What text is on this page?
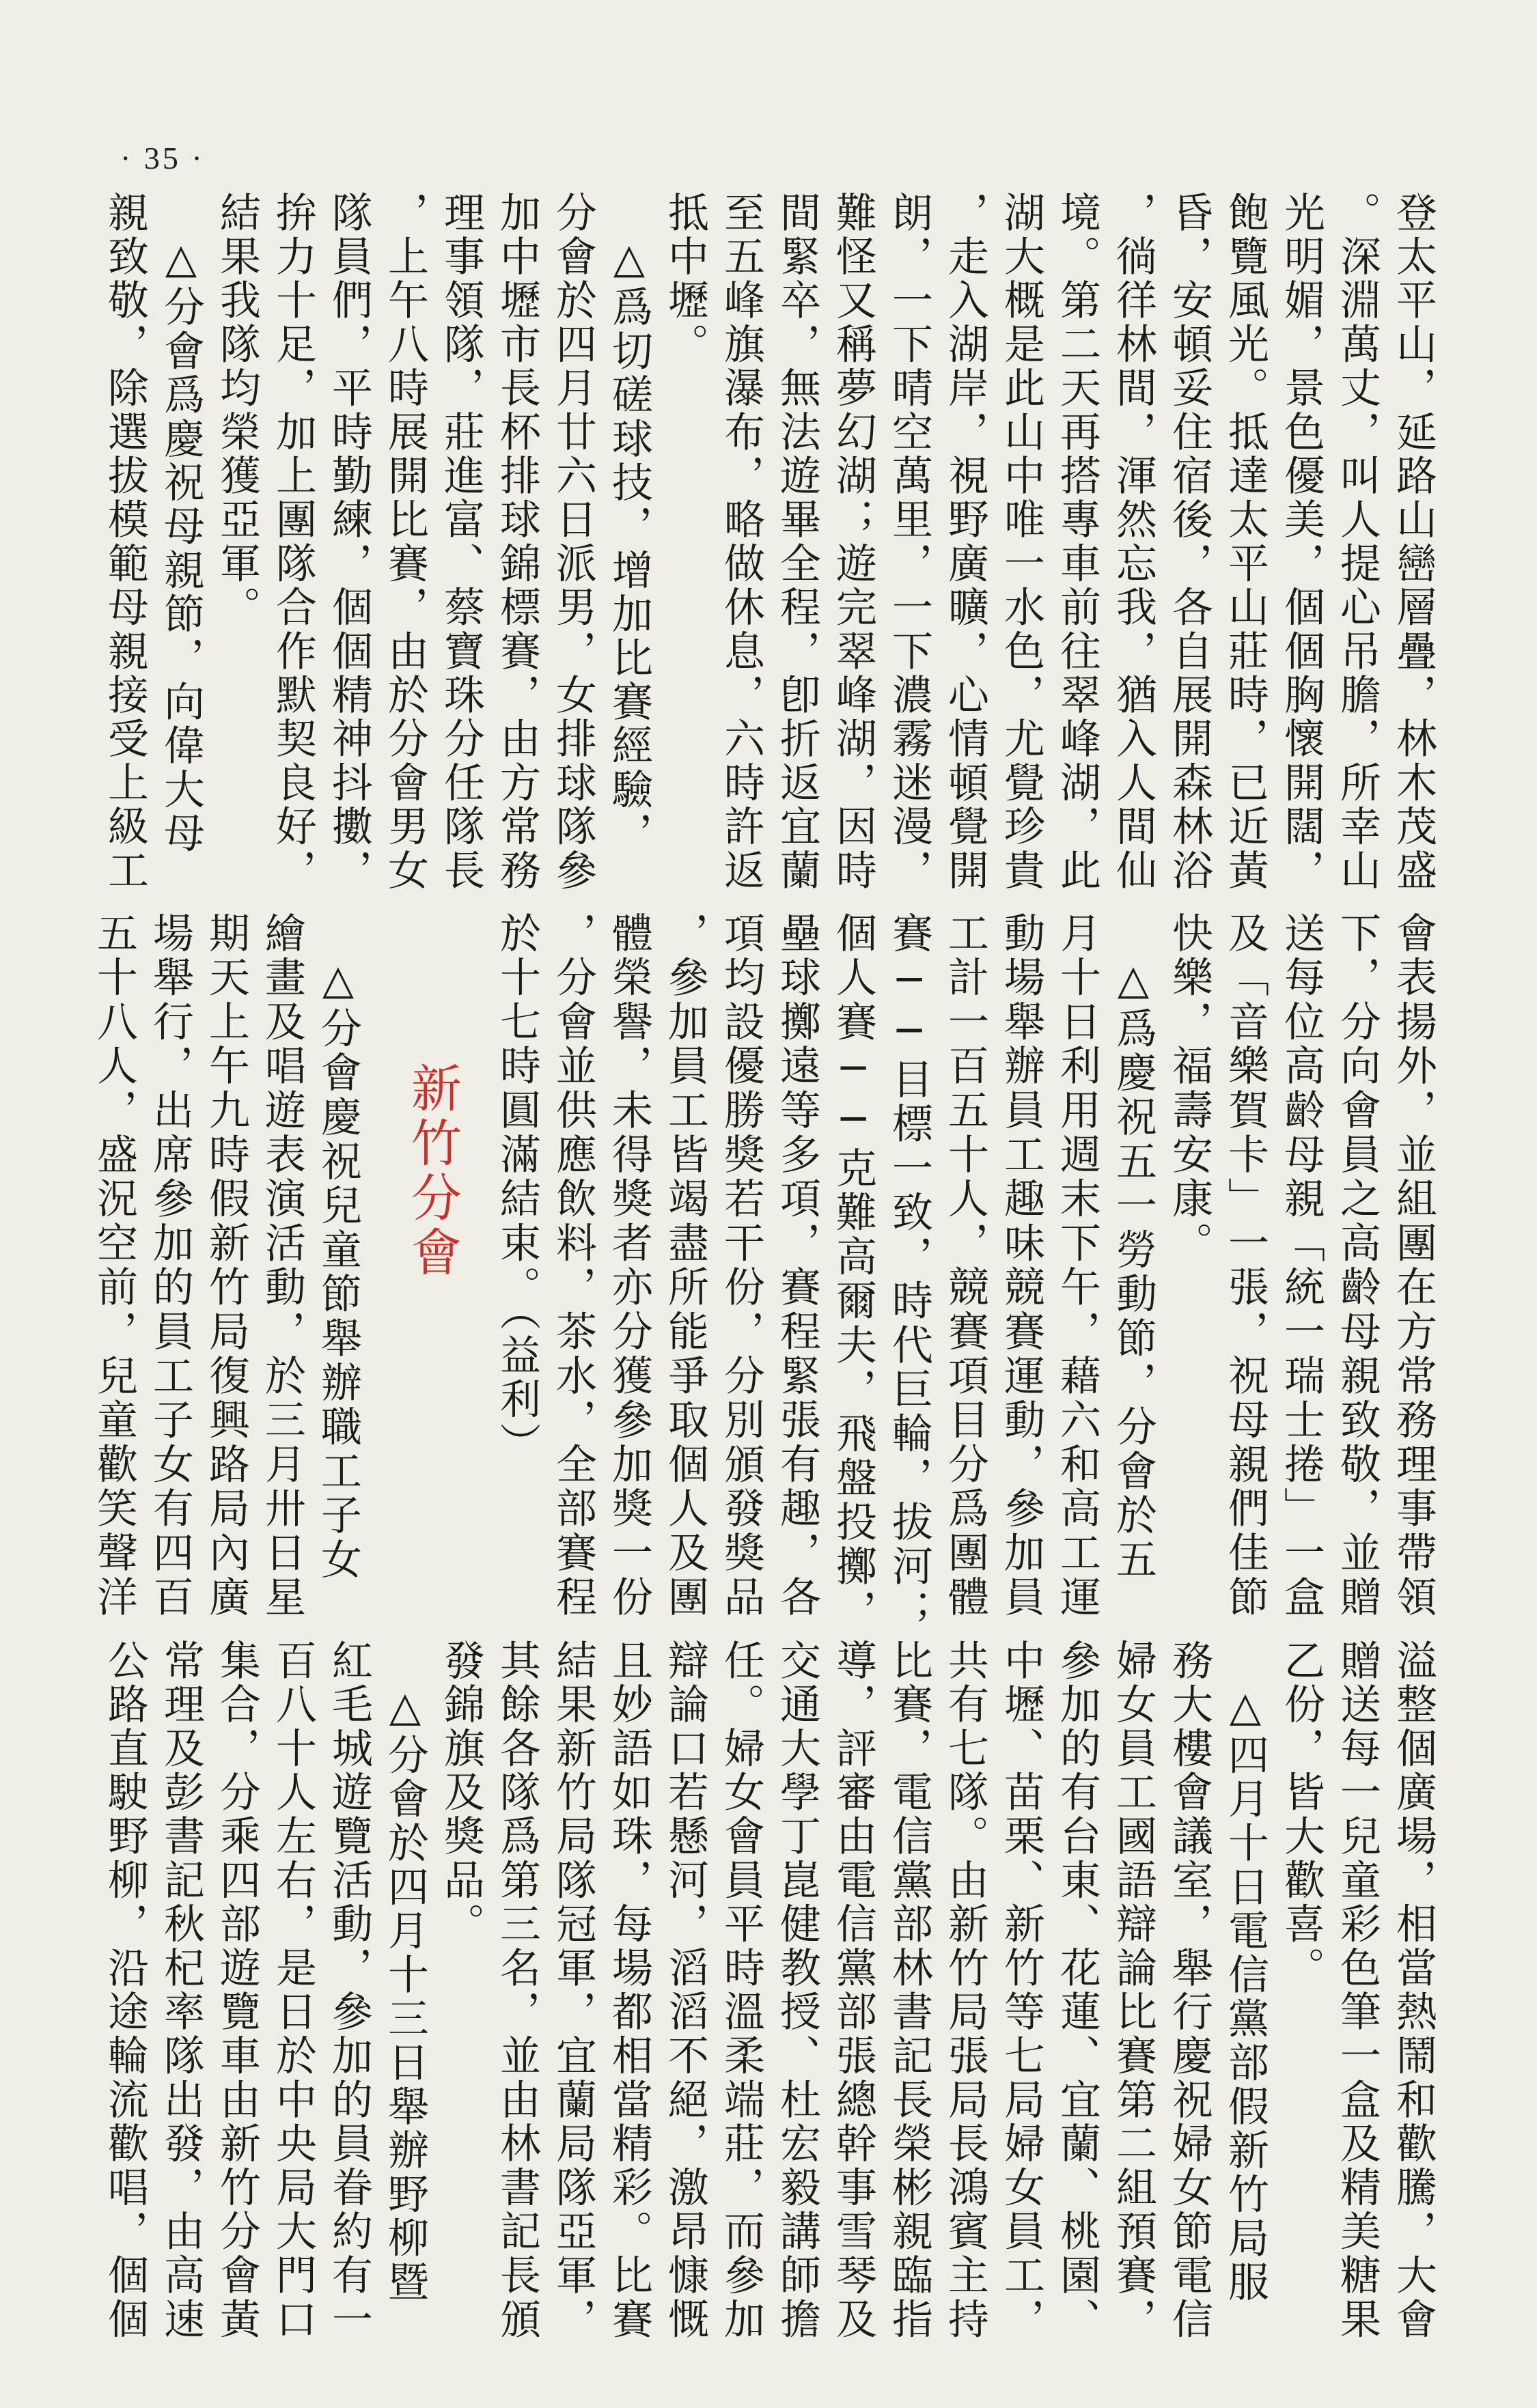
· 35 ·
登太平山，延路山巒層疊，林木茂盛
。深淵萬丈，叫人提心吊膽，所幸山
光明媚，景色優美，個個胸懷開闊，
飽覽風光。抵達太平山莊時，已近黃
昏，安頓妥住宿後，各自展開森林浴
，徜徉林間，渾然忘我，猶入人間仙
境。第二天再搭專車前往翠峰湖，此
湖大概是此山中唯一水色，尤覺珍貴
，走入湖岸，視野廣曠，心情頓覺開
朗，一下晴空萬里，一下濃霧迷漫，
難怪又稱夢幻湖；遊完翠峰湖，因時
間緊卒，無法遊畢全程，卽折返宜蘭
至五峰旗瀑布，略做休息，六時許返
抵中壢。
　△爲切磋球技，增加比賽經驗，
分會於四月廿六日派男，女排球隊參
加中壢市長杯排球錦標賽，由方常務
理事領隊，莊進富、蔡寶珠分任隊長
，上午八時展開比賽，由於分會男女
隊員們，平時勤練，個個精神抖擻，
拚力十足，加上團隊合作默契良好，
結果我隊均榮獲亞軍。
　△分會爲慶祝母親節，向偉大母
親致敬，除選拔模範母親接受上級工
會表揚外，並組團在方常務理事帶領
下，分向會員之高齡母親致敬，並贈
送每位高齡母親「統一瑞士捲」一盒
及「音樂賀卡」一張，祝母親們佳節
快樂，福壽安康。
　△爲慶祝五一勞動節，分會於五
月十日利用週末下午，藉六和高工運
動場舉辦員工趣味競賽運動，參加員
工計一百五十人，競賽項目分爲團體
賽──目標一致，時代巨輪，拔河；
個人賽──克難高爾夫，飛盤投擲，
壘球擲遠等多項，賽程緊張有趣，各
項均設優勝獎若干份，分別頒發獎品
，參加員工皆竭盡所能爭取個人及團
體榮譽，未得獎者亦分獲參加獎一份
，分會並供應飲料，茶水，全部賽程
於十七時圓滿結束。（益利）
新竹分會
　△分會慶祝兒童節舉辦職工子女
繪畫及唱遊表演活動，於三月卅日星
期天上午九時假新竹局復興路局內廣
場舉行，出席參加的員工子女有四百
五十八人，盛況空前，兒童歡笑聲洋
溢整個廣場，相當熱鬧和歡騰，大會
贈送每一兒童彩色筆一盒及精美糖果
乙份，皆大歡喜。
　△四月十日電信黨部假新竹局服
務大樓會議室，舉行慶祝婦女節電信
婦女員工國語辯論比賽第二組預賽，
參加的有台東、花蓮、宜蘭、桃園、
中壢、苗栗、新竹等七局婦女員工，
共有七隊。由新竹局張局長鴻賓主持
比賽，電信黨部林書記長榮彬親臨指
導，評審由電信黨部張總幹事雪琴及
交通大學丁崑健教授、杜宏毅講師擔
任。婦女會員平時溫柔端莊，而參加
辯論口若懸河，滔滔不絕，激昂慷慨
且妙語如珠，每場都相當精彩。比賽
結果新竹局隊冠軍，宜蘭局隊亞軍，
其餘各隊爲第三名，並由林書記長頒
發錦旗及獎品。
　△分會於四月十三日舉辦野柳暨
紅毛城遊覽活動，參加的員眷約有一
百八十人左右，是日於中央局大門口
集合，分乘四部遊覽車由新竹分會黃
常理及彭書記秋杞率隊出發，由高速
公路直駛野柳，沿途輪流歡唱，個個
